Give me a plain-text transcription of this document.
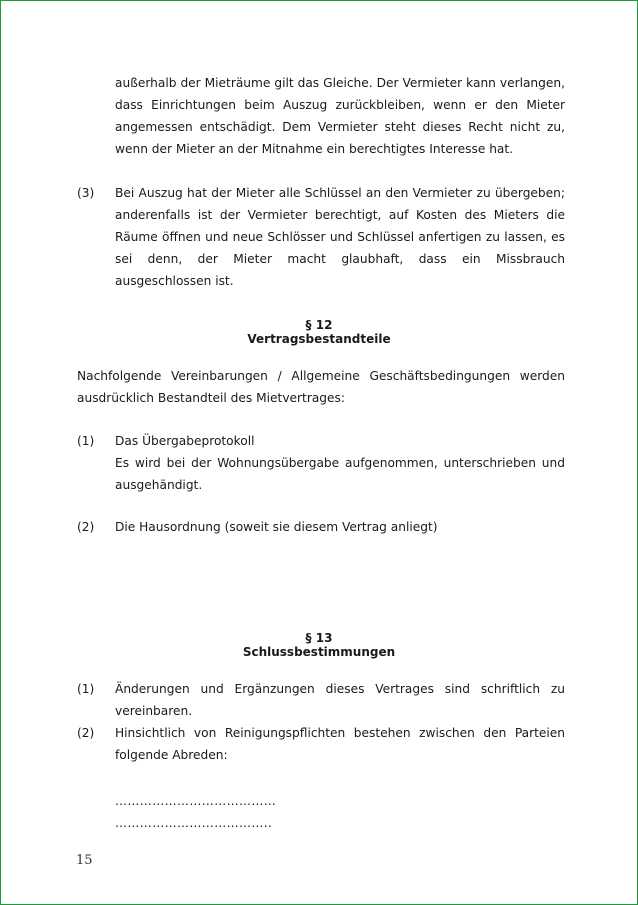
außerhalb der Mieträume gilt das Gleiche. Der Vermieter kann verlangen, dass Einrichtungen beim Auszug zurückbleiben, wenn er den Mieter angemessen entschädigt. Dem Vermieter steht dieses Recht nicht zu, wenn der Mieter an der Mitnahme ein berechtigtes Interesse hat.
(3) Bei Auszug hat der Mieter alle Schlüssel an den Vermieter zu übergeben; anderenfalls ist der Vermieter berechtigt, auf Kosten des Mieters die Räume öffnen und neue Schlösser und Schlüssel anfertigen zu lassen, es sei denn, der Mieter macht glaubhaft, dass ein Missbrauch ausgeschlossen ist.
§ 12
Vertragsbestandteile
Nachfolgende Vereinbarungen / Allgemeine Geschäftsbedingungen werden ausdrücklich Bestandteil des Mietvertrages:
(1) Das Übergabeprotokoll
Es wird bei der Wohnungsübergabe aufgenommen, unterschrieben und ausgehändigt.
(2) Die Hausordnung (soweit sie diesem Vertrag anliegt)
§ 13
Schlussbestimmungen
(1) Änderungen und Ergänzungen dieses Vertrages sind schriftlich zu vereinbaren.
(2) Hinsichtlich von Reinigungspflichten bestehen zwischen den Parteien folgende Abreden:
…………………………………
………………………………..
15
